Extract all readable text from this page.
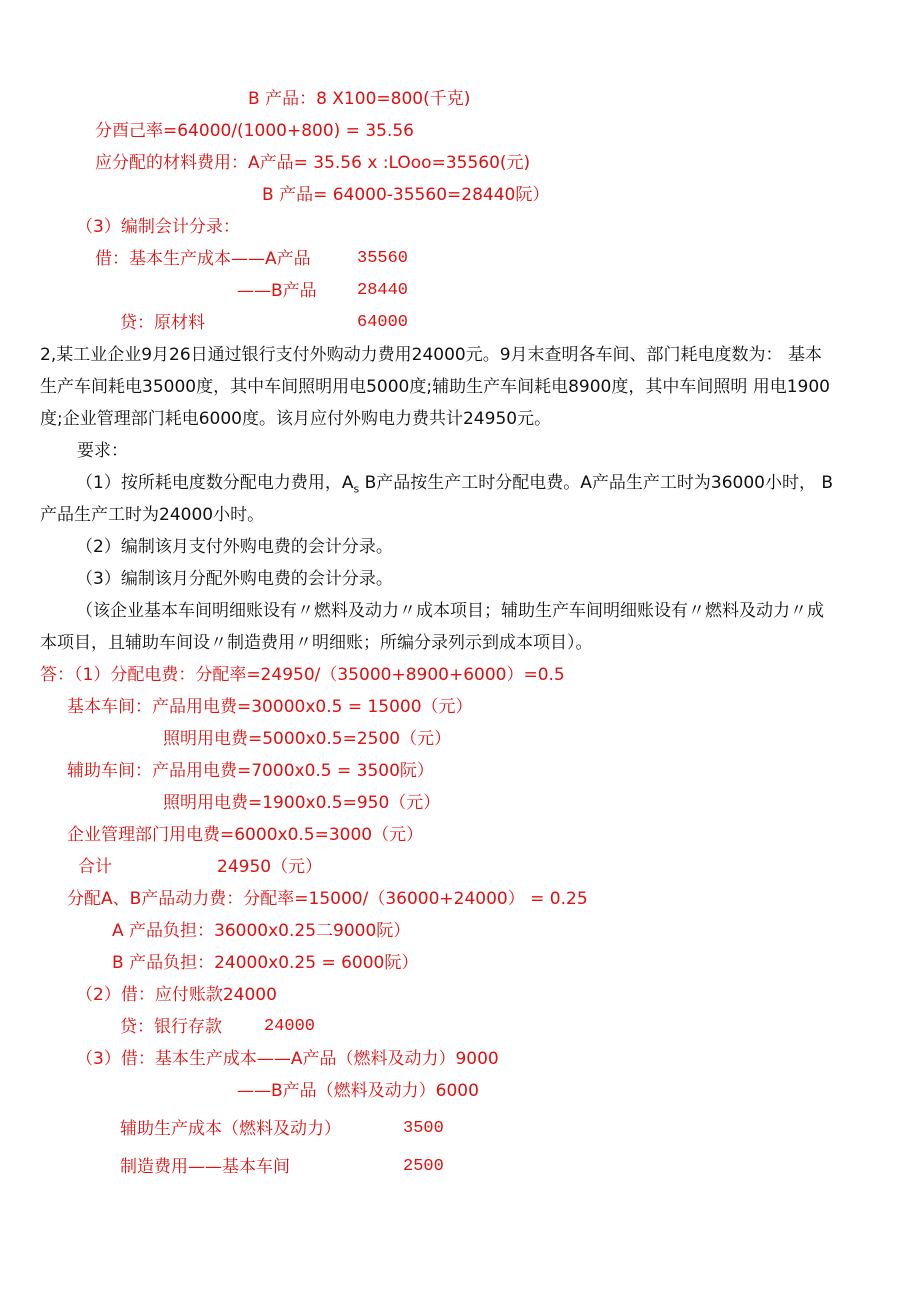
B 产品：8 X100=800(千克)
分酉己率=64000/(1000+800) = 35.56
应分配的材料费用：A产品= 35.56 x :LOoo=35560(元)
B 产品= 64000-35560=28440阮）
（3）编制会计分录：
借：基本生产成本——A产品	35560
——B产品 28440
贷：原材料	64000
2,某工业企业9月26日通过银行支付外购动力费用24000元。9月末查明各车间、部门耗电度数为： 基本
生产车间耗电35000度，其中车间照明用电5000度;辅助生产车间耗电8900度，其中车间照明 用电1900
度;企业管理部门耗电6000度。该月应付外购电力费共计24950元。
要求：
（1）按所耗电度数分配电力费用，$A_s$ B产品按生产工时分配电费。A产品生产工时为36000小时， B
产品生产工时为24000小时。
（2）编制该月支付外购电费的会计分录。
（3）编制该月分配外购电费的会计分录。
（该企业基本车间明细账设有〃燃料及动力〃成本项目；辅助生产车间明细账设有〃燃料及动力〃成
本项目，且辅助车间设〃制造费用〃明细账；所编分录列示到成本项目）。
答：（1）分配电费：分配率=24950/（35000+8900+6000）=0.5
基本车间：产品用电费=30000x0.5 = 15000（元）
照明用电费=5000x0.5=2500（元）
辅助车间：产品用电费=7000x0.5 = 3500阮）
照明用电费=1900x0.5=950（元）
企业管理部门用电费=6000x0.5=3000（元）
合计	24950（元）
分配A、B产品动力费：分配率=15000/（36000+24000） = 0.25
A 产品负担：36000x0.25二9000阮）
B 产品负担：24000x0.25 = 6000阮）
（2）借：应付账款24000
贷：银行存款 24000
（3）借：基本生产成本——A产品（燃料及动力）9000
——B产品（燃料及动力）6000
辅助生产成本（燃料及动力）	3500
制造费用——基本车间	2500
